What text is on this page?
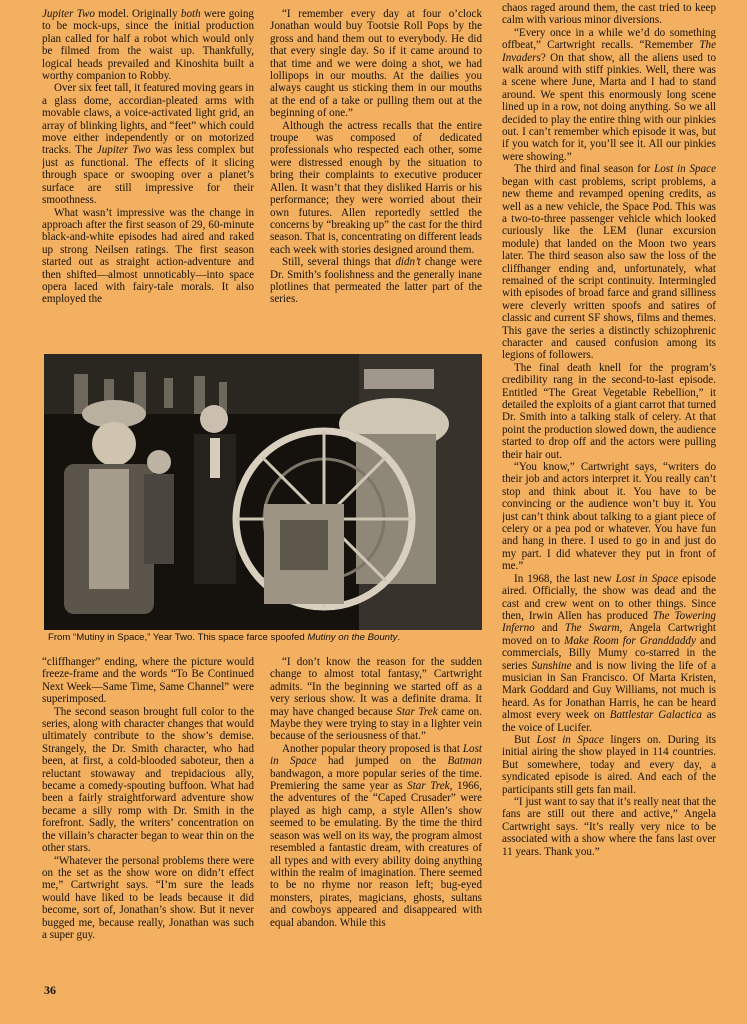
Jupiter Two model. Originally both were going to be mock-ups, since the initial production plan called for half a robot which would only be filmed from the waist up. Thankfully, logical heads prevailed and Kinoshita built a worthy companion to Robby.

Over six feet tall, it featured moving gears in a glass dome, accordian-pleated arms with movable claws, a voice-activated light grid, an array of blinking lights, and “feet” which could move either independently or on motorized tracks. The Jupiter Two was less complex but just as functional. The effects of it slicing through space or swooping over a planet’s surface are still impressive for their smoothness.

What wasn’t impressive was the change in approach after the first season of 29, 60-minute black-and-white episodes had aired and raked up strong Neilsen ratings. The first season started out as straight action-adventure and then shifted—almost unnoticably—into space opera laced with fairy-tale morals. It also employed the

“I remember every day at four o’clock Jonathan would buy Tootsie Roll Pops by the gross and hand them out to everybody. He did that every single day. So if it came around to that time and we were doing a shot, we had lollipops in our mouths. At the dailies you always caught us sticking them in our mouths at the end of a take or pulling them out at the beginning of one.”

Although the actress recalls that the entire troupe was composed of dedicated professionals who respected each other, some were distressed enough by the situation to bring their complaints to executive producer Allen. It wasn’t that they disliked Harris or his performance; they were worried about their own futures. Allen reportedly settled the concerns by “breaking up” the cast for the third season. That is, concentrating on different leads each week with stories designed around them.

Still, several things that didn’t change were Dr. Smith’s foolishness and the generally inane plotlines that permeated the latter part of the series.

From “Mutiny in Space,” Year Two. This space farce spoofed Mutiny on the Bounty.

“cliffhanger” ending, where the picture would freeze-frame and the words “To Be Continued Next Week—Same Time, Same Channel” were superimposed.

The second season brought full color to the series, along with character changes that would ultimately contribute to the show’s demise. Strangely, the Dr. Smith character, who had been, at first, a cold-blooded saboteur, then a reluctant stowaway and trepidacious ally, became a comedy-spouting buffoon. What had been a fairly straightforward adventure show became a silly romp with Dr. Smith in the forefront. Sadly, the writers’ concentration on the villain’s character began to wear thin on the other stars.

“Whatever the personal problems there were on the set as the show wore on didn’t effect me,” Cartwright says. “I’m sure the leads would have liked to be leads because it did become, sort of, Jonathan’s show. But it never bugged me, because really, Jonathan was such a super guy.

“I don’t know the reason for the sudden change to almost total fantasy,” Cartwright admits. “In the beginning we started off as a very serious show. It was a definite drama. It may have changed because Star Trek came on. Maybe they were trying to stay in a lighter vein because of the seriousness of that.”

Another popular theory proposed is that Lost in Space had jumped on the Batman bandwagon, a more popular series of the time. Premiering the same year as Star Trek, 1966, the adventures of the “Caped Crusader” were played as high camp, a style Allen’s show seemed to be emulating. By the time the third season was well on its way, the program almost resembled a fantastic dream, with creatures of all types and with every ability doing anything within the realm of imagination. There seemed to be no rhyme nor reason left; bug-eyed monsters, pirates, magicians, ghosts, sultans and cowboys appeared and disappeared with equal abandon. While this

chaos raged around them, the cast tried to keep calm with various minor diversions.

“Every once in a while we’d do something offbeat,” Cartwright recalls. “Remember The Invaders? On that show, all the aliens used to walk around with stiff pinkies. Well, there was a scene where June, Marta and I had to stand around. We spent this enormously long scene lined up in a row, not doing anything. So we all decided to play the entire thing with our pinkies out. I can’t remember which episode it was, but if you watch for it, you’ll see it. All our pinkies were showing.”

The third and final season for Lost in Space began with cast problems, script problems, a new theme and revamped opening credits, as well as a new vehicle, the Space Pod. This was a two-to-three passenger vehicle which looked curiously like the LEM (lunar excursion module) that landed on the Moon two years later. The third season also saw the loss of the cliffhanger ending and, unfortunately, what remained of the script continuity. Intermingled with episodes of broad farce and grand silliness were cleverly written spoofs and satires of classic and current SF shows, films and themes. This gave the series a distinctly schizophrenic character and caused confusion among its legions of followers.

The final death knell for the program’s credibility rang in the second-to-last episode. Entitled “The Great Vegetable Rebellion,” it detailed the exploits of a giant carrot that turned Dr. Smith into a talking stalk of celery. At that point the production slowed down, the audience started to drop off and the actors were pulling their hair out.

“You know,” Cartwright says, “writers do their job and actors interpret it. You really can’t stop and think about it. You have to be convincing or the audience won’t buy it. You just can’t think about talking to a giant piece of celery or a pea pod or whatever. You have fun and hang in there. I used to go in and just do my part. I did whatever they put in front of me.”

In 1968, the last new Lost in Space episode aired. Officially, the show was dead and the cast and crew went on to other things. Since then, Irwin Allen has produced The Towering Inferno and The Swarm, Angela Cartwright moved on to Make Room for Granddaddy and commercials, Billy Mumy co-starred in the series Sunshine and is now living the life of a musician in San Francisco. Of Marta Kristen, Mark Goddard and Guy Williams, not much is heard. As for Jonathan Harris, he can be heard almost every week on Battlestar Galactica as the voice of Lucifer.

But Lost in Space lingers on. During its initial airing the show played in 114 countries. But somewhere, today and every day, a syndicated episode is aired. And each of the participants still gets fan mail.

“I just want to say that it’s really neat that the fans are still out there and active,” Angela Cartwright says. “It’s really very nice to be associated with a show where the fans last over 11 years. Thank you.”

36
